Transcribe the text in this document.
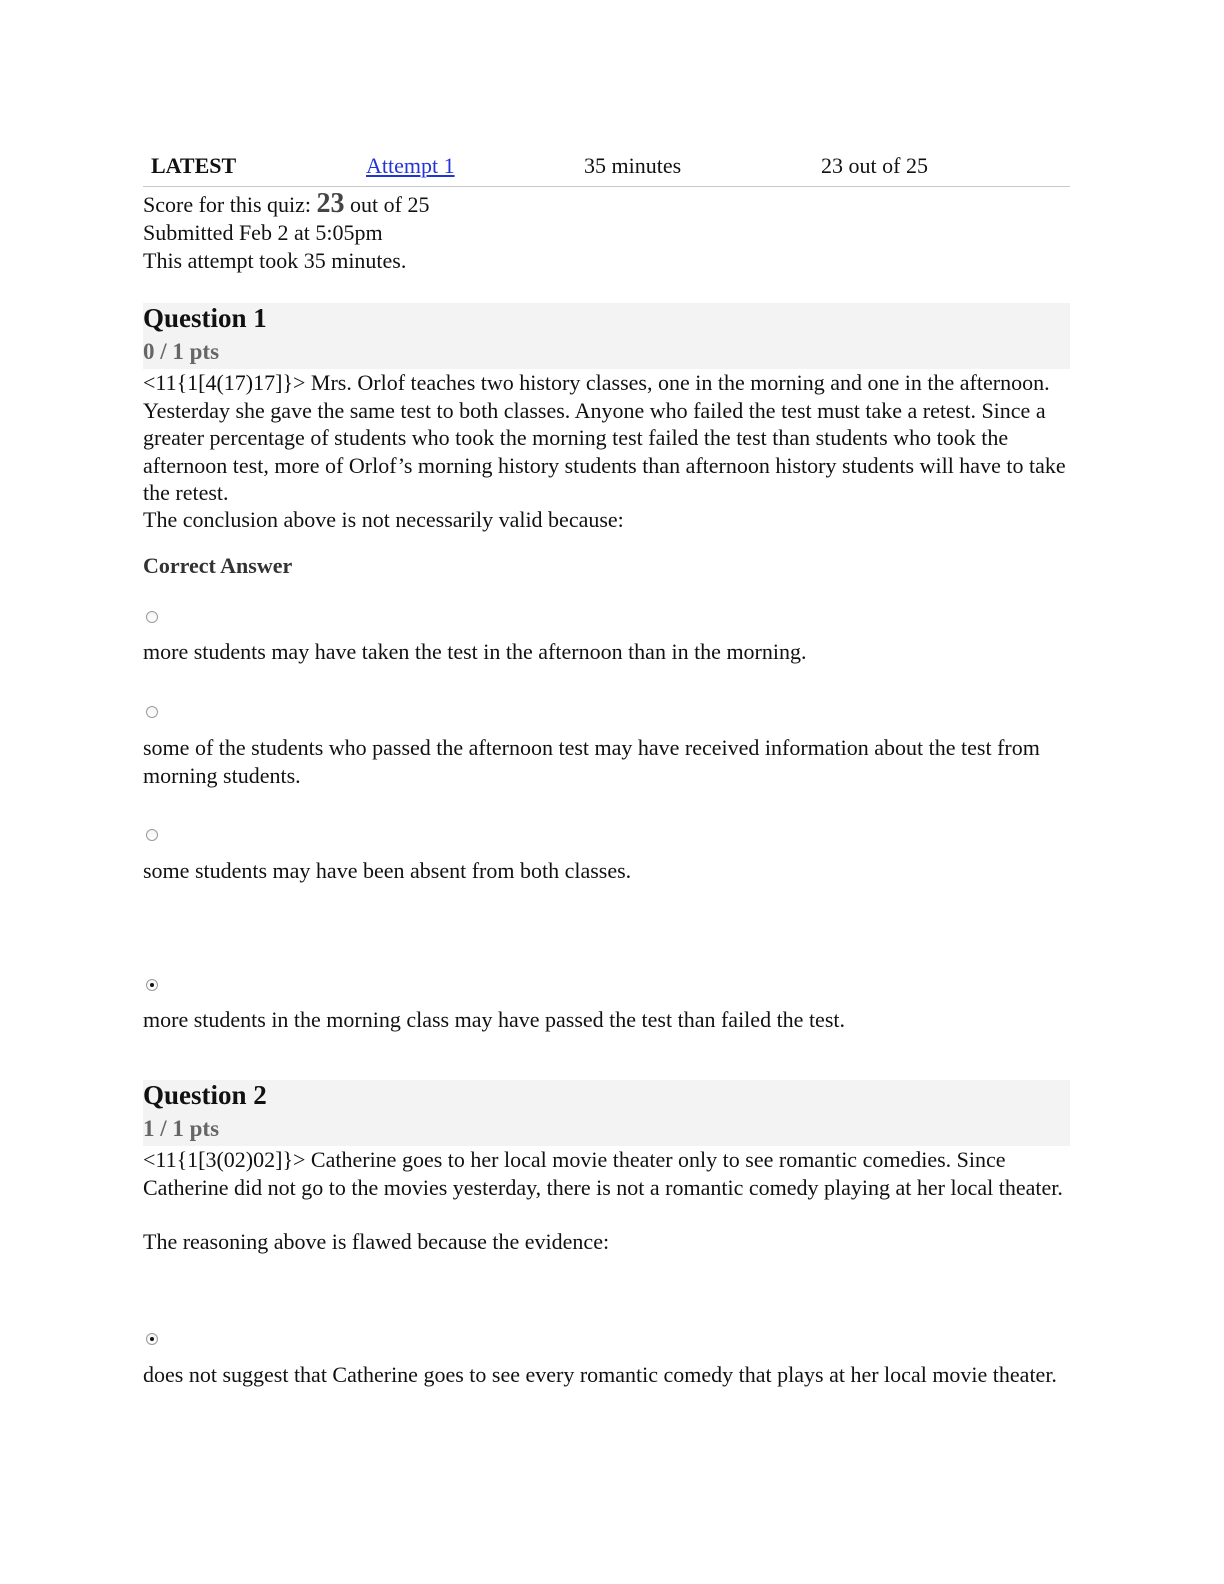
LATEST	Attempt 1	35 minutes	23 out of 25
Score for this quiz: 23 out of 25
Submitted Feb 2 at 5:05pm
This attempt took 35 minutes.
Question 1
0 / 1 pts
<11{1[4(17)17]}> Mrs. Orlof teaches two history classes, one in the morning and one in the afternoon. Yesterday she gave the same test to both classes. Anyone who failed the test must take a retest. Since a greater percentage of students who took the morning test failed the test than students who took the afternoon test, more of Orlof’s morning history students than afternoon history students will have to take the retest.
The conclusion above is not necessarily valid because:
Correct Answer
more students may have taken the test in the afternoon than in the morning.
some of the students who passed the afternoon test may have received information about the test from morning students.
some students may have been absent from both classes.
more students in the morning class may have passed the test than failed the test.
Question 2
1 / 1 pts
<11{1[3(02)02]}> Catherine goes to her local movie theater only to see romantic comedies. Since Catherine did not go to the movies yesterday, there is not a romantic comedy playing at her local theater.
The reasoning above is flawed because the evidence:
does not suggest that Catherine goes to see every romantic comedy that plays at her local movie theater.
